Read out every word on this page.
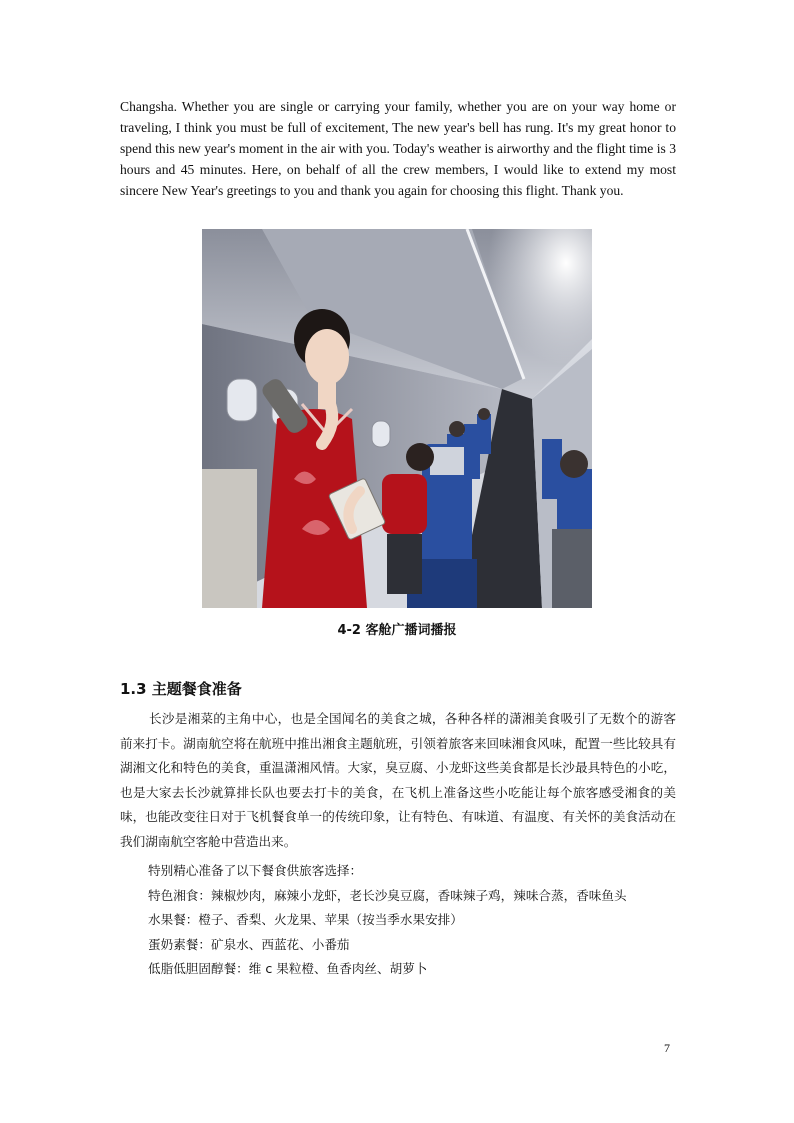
Changsha. Whether you are single or carrying your family, whether you are on your way home or traveling, I think you must be full of excitement, The new year's bell has rung. It's my great honor to spend this new year's moment in the air with you. Today's weather is airworthy and the flight time is 3 hours and 45 minutes. Here, on behalf of all the crew members, I would like to extend my most sincere New Year's greetings to you and thank you again for choosing this flight. Thank you.

4-2 客舱广播词播报

1.3 主题餐食准备

长沙是湘菜的主角中心，也是全国闻名的美食之城，各种各样的潇湘美食吸引了无数个的游客前来打卡。湖南航空将在航班中推出湘食主题航班，引领着旅客来回味湘食风味，配置一些比较具有湖湘文化和特色的美食，重温潇湘风情。大家，臭豆腐、小龙虾这些美食都是长沙最具特色的小吃，也是大家去长沙就算排长队也要去打卡的美食，在飞机上准备这些小吃能让每个旅客感受湘食的美味，也能改变往日对于飞机餐食单一的传统印象，让有特色、有味道、有温度、有关怀的美食活动在我们湖南航空客舱中营造出来。

特别精心准备了以下餐食供旅客选择：
特色湘食：辣椒炒肉，麻辣小龙虾，老长沙臭豆腐，香味辣子鸡，辣味合蒸，香味鱼头
水果餐：橙子、香梨、火龙果、苹果（按当季水果安排）
蛋奶素餐：矿泉水、西蓝花、小番茄
低脂低胆固醇餐：维 c 果粒橙、鱼香肉丝、胡萝卜

7
